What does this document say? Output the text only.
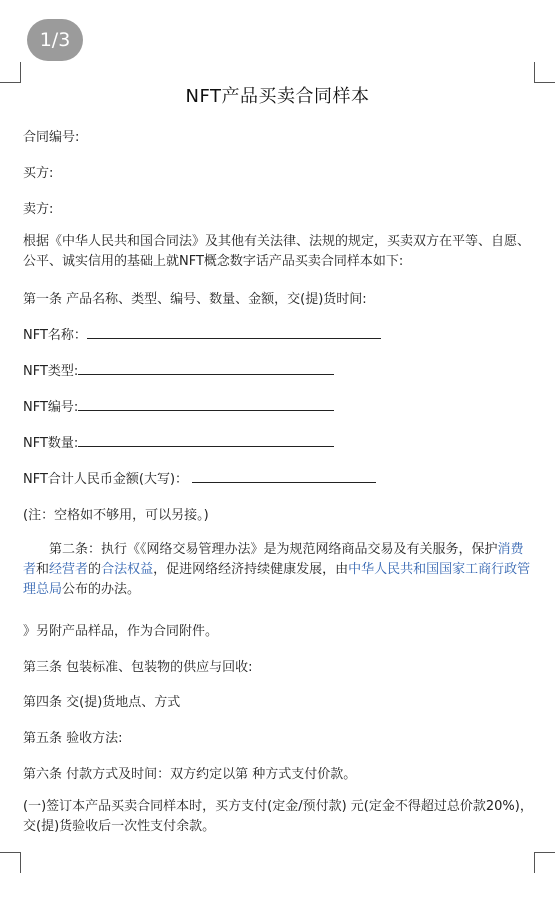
1/3
NFT产品买卖合同样本
合同编号:
买方:
卖方:
根据《中华人民共和国合同法》及其他有关法律、法规的规定，买卖双方在平等、自愿、公平、诚实信用的基础上就NFT概念数字话产品买卖合同样本如下:
第一条 产品名称、类型、编号、数量、金额，交(提)货时间:
NFT名称：
NFT类型:
NFT编号:
NFT数量:
NFT合计人民币金额(大写)：
(注：空格如不够用，可以另接。)
第二条：执行《《网络交易管理办法》是为规范网络商品交易及有关服务，保护消费者和经营者的合法权益，促进网络经济持续健康发展，由中华人民共和国国家工商行政管理总局公布的办法。
》另附产品样品，作为合同附件。
第三条 包装标准、包装物的供应与回收:
第四条 交(提)货地点、方式
第五条 验收方法:
第六条 付款方式及时间：双方约定以第 种方式支付价款。
(一)签订本产品买卖合同样本时，买方支付(定金/预付款) 元(定金不得超过总价款20%)，交(提)货验收后一次性支付余款。
